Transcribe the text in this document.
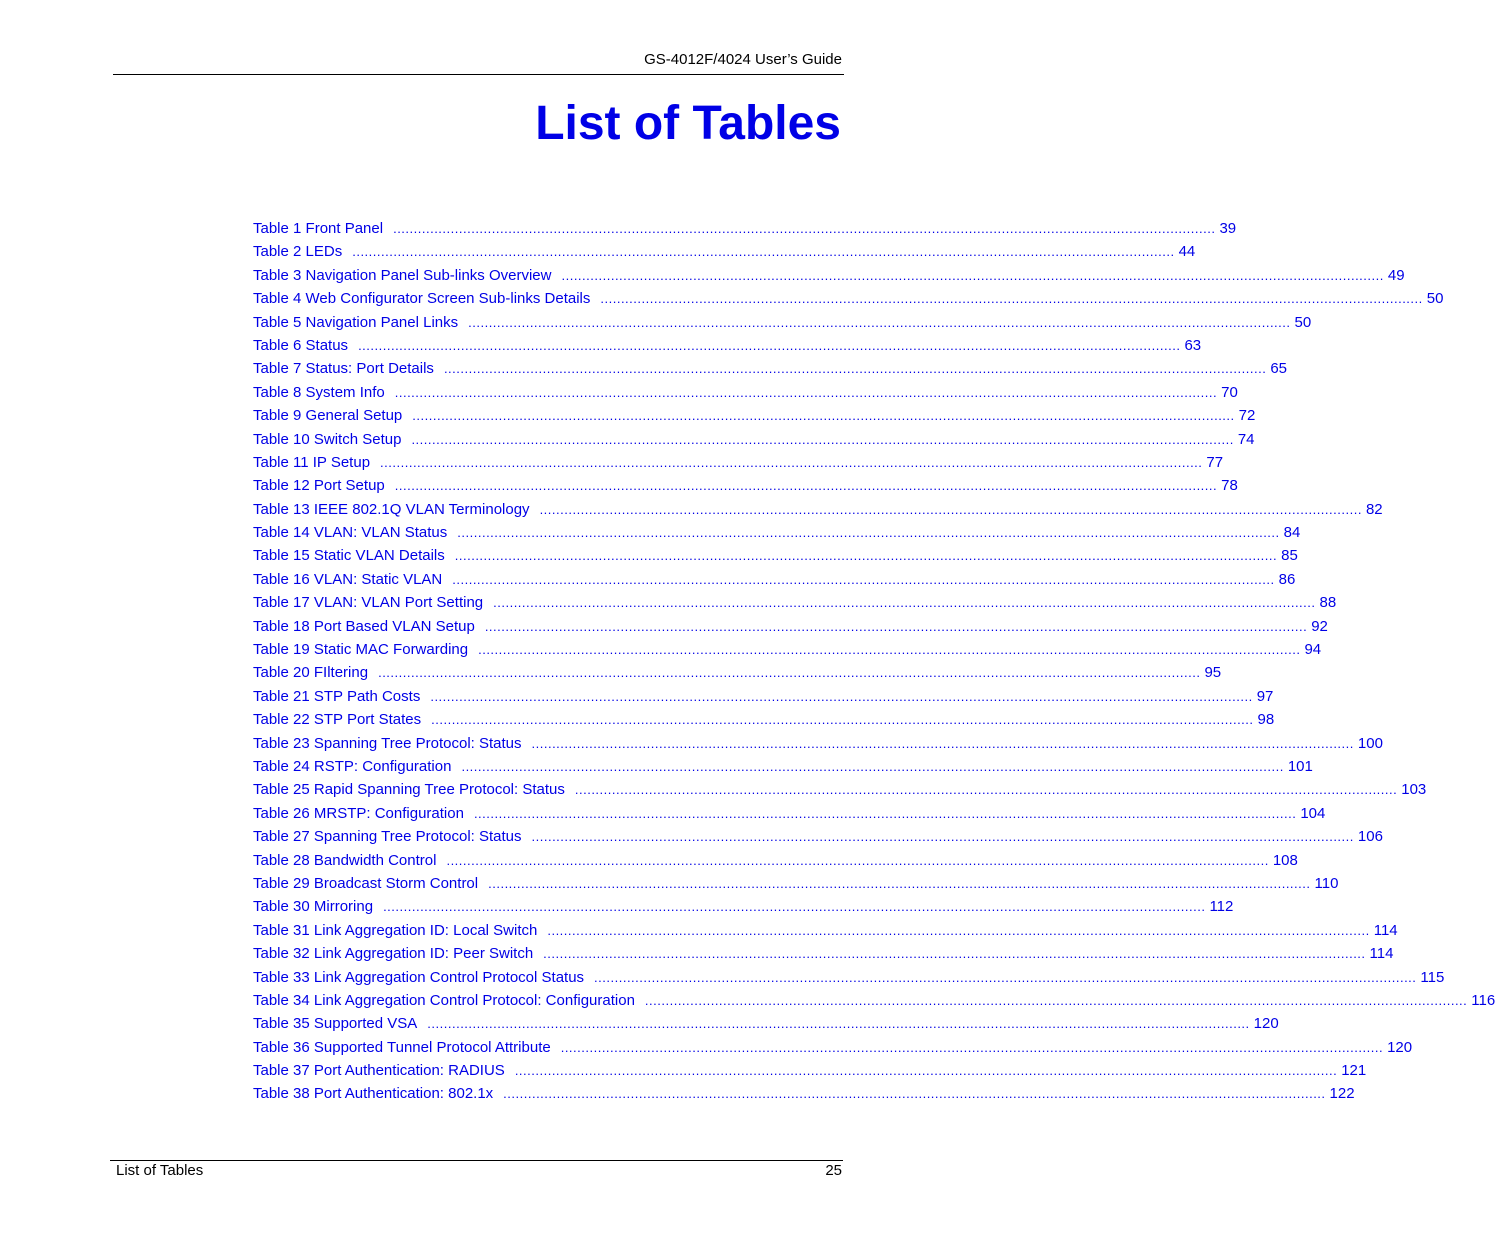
GS-4012F/4024 User’s Guide
List of Tables
Table 1 Front Panel ........................................................................................................................................................................................................ 39
Table 2 LEDs ........................................................................................................................................................................................................ 44
Table 3 Navigation Panel Sub-links Overview ........................................................................................................................................................................................................ 49
Table 4 Web Configurator Screen Sub-links Details ........................................................................................................................................................................................................ 50
Table 5 Navigation Panel Links ........................................................................................................................................................................................................ 50
Table 6 Status ........................................................................................................................................................................................................ 63
Table 7 Status: Port Details ........................................................................................................................................................................................................ 65
Table 8 System Info ........................................................................................................................................................................................................ 70
Table 9 General Setup ........................................................................................................................................................................................................ 72
Table 10 Switch Setup ........................................................................................................................................................................................................ 74
Table 11 IP Setup ........................................................................................................................................................................................................ 77
Table 12 Port Setup ........................................................................................................................................................................................................ 78
Table 13 IEEE 802.1Q VLAN Terminology ........................................................................................................................................................................................................ 82
Table 14 VLAN: VLAN Status ........................................................................................................................................................................................................ 84
Table 15 Static VLAN Details ........................................................................................................................................................................................................ 85
Table 16 VLAN: Static VLAN ........................................................................................................................................................................................................ 86
Table 17 VLAN: VLAN Port Setting ........................................................................................................................................................................................................ 88
Table 18 Port Based VLAN Setup ........................................................................................................................................................................................................ 92
Table 19 Static MAC Forwarding ........................................................................................................................................................................................................ 94
Table 20 FIltering ........................................................................................................................................................................................................ 95
Table 21 STP Path Costs ........................................................................................................................................................................................................ 97
Table 22 STP Port States ........................................................................................................................................................................................................ 98
Table 23 Spanning Tree Protocol: Status ........................................................................................................................................................................................................ 100
Table 24 RSTP: Configuration ........................................................................................................................................................................................................ 101
Table 25 Rapid Spanning Tree Protocol: Status ........................................................................................................................................................................................................ 103
Table 26 MRSTP: Configuration ........................................................................................................................................................................................................ 104
Table 27 Spanning Tree Protocol: Status ........................................................................................................................................................................................................ 106
Table 28 Bandwidth Control ........................................................................................................................................................................................................ 108
Table 29 Broadcast Storm Control ........................................................................................................................................................................................................ 110
Table 30 Mirroring ........................................................................................................................................................................................................ 112
Table 31 Link Aggregation ID: Local Switch ........................................................................................................................................................................................................ 114
Table 32 Link Aggregation ID: Peer Switch ........................................................................................................................................................................................................ 114
Table 33 Link Aggregation Control Protocol Status ........................................................................................................................................................................................................ 115
Table 34 Link Aggregation Control Protocol: Configuration ........................................................................................................................................................................................................ 116
Table 35 Supported VSA ........................................................................................................................................................................................................ 120
Table 36 Supported Tunnel Protocol Attribute ........................................................................................................................................................................................................ 120
Table 37 Port Authentication: RADIUS ........................................................................................................................................................................................................ 121
Table 38 Port Authentication: 802.1x ........................................................................................................................................................................................................ 122
List of Tables	25
